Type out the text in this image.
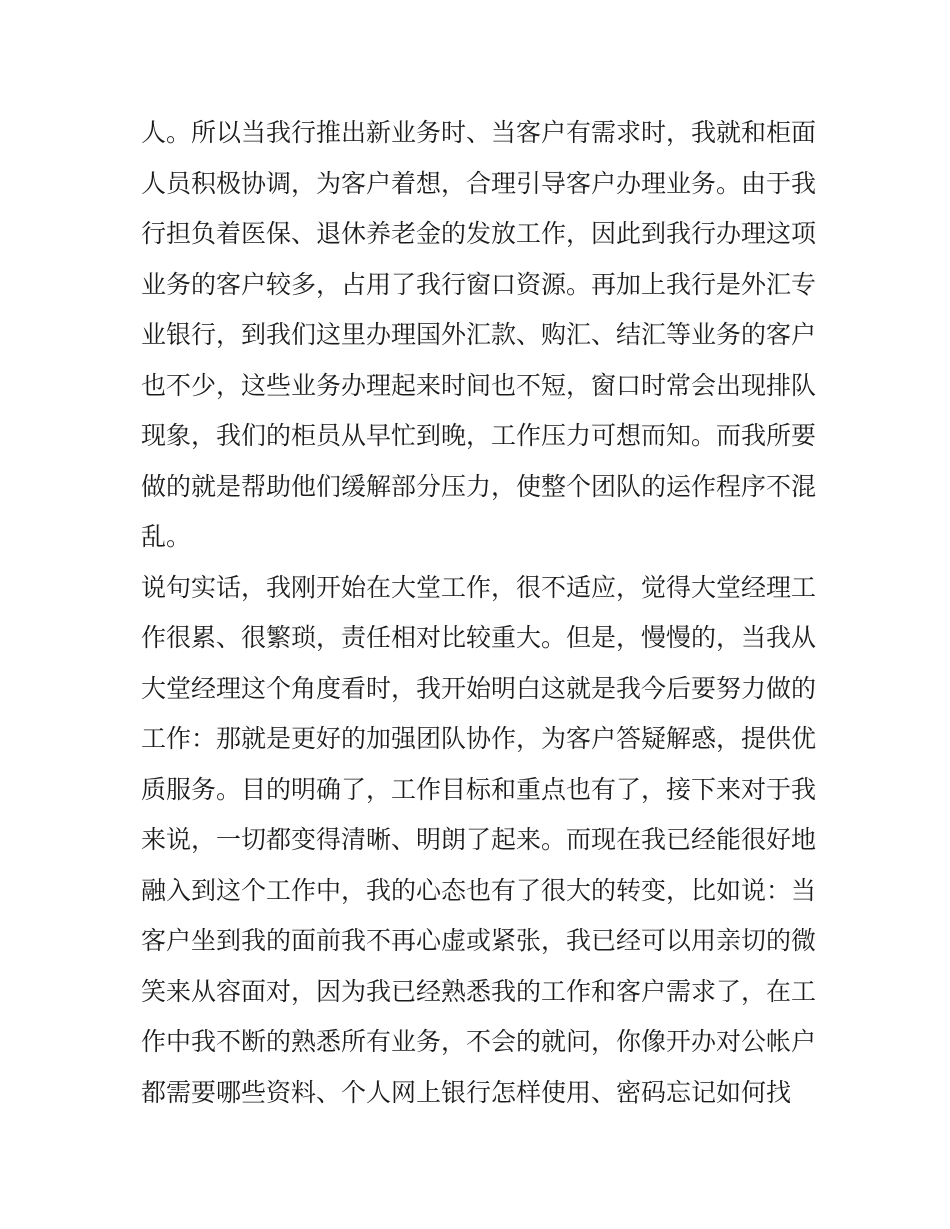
人。所以当我行推出新业务时、当客户有需求时，我就和柜面
人员积极协调，为客户着想，合理引导客户办理业务。由于我
行担负着医保、退休养老金的发放工作，因此到我行办理这项
业务的客户较多，占用了我行窗口资源。再加上我行是外汇专
业银行，到我们这里办理国外汇款、购汇、结汇等业务的客户
也不少，这些业务办理起来时间也不短，窗口时常会出现排队
现象，我们的柜员从早忙到晚，工作压力可想而知。而我所要
做的就是帮助他们缓解部分压力，使整个团队的运作程序不混
乱。
说句实话，我刚开始在大堂工作，很不适应，觉得大堂经理工
作很累、很繁琐，责任相对比较重大。但是，慢慢的，当我从
大堂经理这个角度看时，我开始明白这就是我今后要努力做的
工作：那就是更好的加强团队协作，为客户答疑解惑，提供优
质服务。目的明确了，工作目标和重点也有了，接下来对于我
来说，一切都变得清晰、明朗了起来。而现在我已经能很好地
融入到这个工作中，我的心态也有了很大的转变，比如说：当
客户坐到我的面前我不再心虚或紧张，我已经可以用亲切的微
笑来从容面对，因为我已经熟悉我的工作和客户需求了，在工
作中我不断的熟悉所有业务，不会的就问，你像开办对公帐户
都需要哪些资料、个人网上银行怎样使用、密码忘记如何找
